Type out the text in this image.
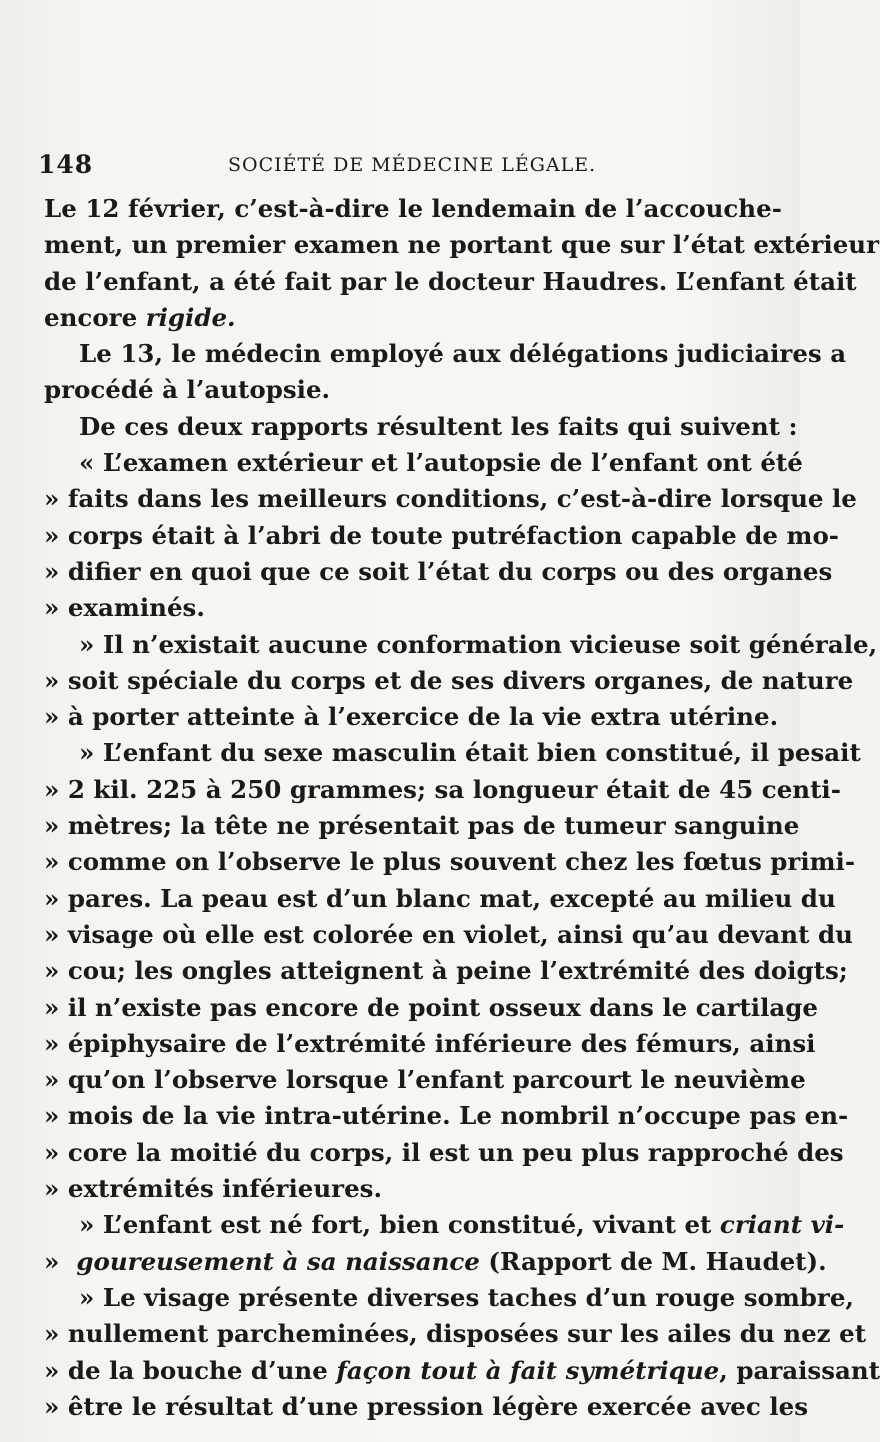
148	SOCIÉTÉ DE MÉDECINE LÉGALE.
Le 12 février, c’est-à-dire le lendemain de l’accouche-
ment, un premier examen ne portant que sur l’état extérieur
de l’enfant, a été fait par le docteur Haudres. L’enfant était
encore rigide.
Le 13, le médecin employé aux délégations judiciaires a
procédé à l’autopsie.
De ces deux rapports résultent les faits qui suivent :
« L’examen extérieur et l’autopsie de l’enfant ont été
» faits dans les meilleurs conditions, c’est-à-dire lorsque le
» corps était à l’abri de toute putréfaction capable de mo-
» difier en quoi que ce soit l’état du corps ou des organes
» examinés.
» Il n’existait aucune conformation vicieuse soit générale,
» soit spéciale du corps et de ses divers organes, de nature
» à porter atteinte à l’exercice de la vie extra utérine.
» L’enfant du sexe masculin était bien constitué, il pesait
» 2 kil. 225 à 250 grammes; sa longueur était de 45 centi-
» mètres; la tête ne présentait pas de tumeur sanguine
» comme on l’observe le plus souvent chez les fœtus primi-
» pares. La peau est d’un blanc mat, excepté au milieu du
» visage où elle est colorée en violet, ainsi qu’au devant du
» cou; les ongles atteignent à peine l’extrémité des doigts;
» il n’existe pas encore de point osseux dans le cartilage
» épiphysaire de l’extrémité inférieure des fémurs, ainsi
» qu’on l’observe lorsque l’enfant parcourt le neuvième
» mois de la vie intra-utérine. Le nombril n’occupe pas en-
» core la moitié du corps, il est un peu plus rapproché des
» extrémités inférieures.
» L’enfant est né fort, bien constitué, vivant et criant vi-
» goureusement à sa naissance (Rapport de M. Haudet).
» Le visage présente diverses taches d’un rouge sombre,
» nullement parcheminées, disposées sur les ailes du nez et
» de la bouche d’une façon tout à fait symétrique, paraissant
» être le résultat d’une pression légère exercée avec les
